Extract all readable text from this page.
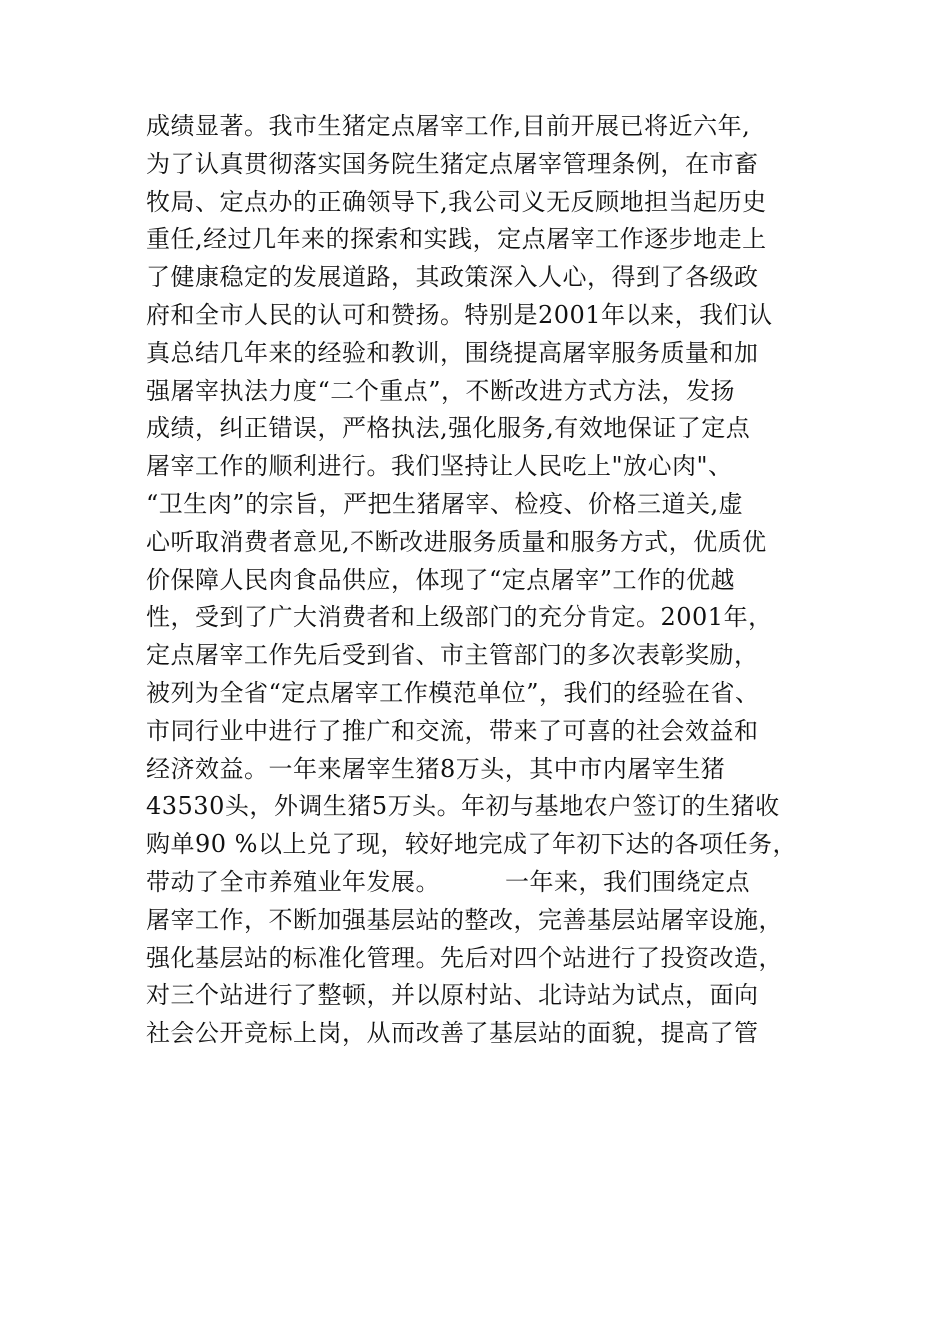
成绩显著。我市生猪定点屠宰工作,目前开展已将近六年,
为了认真贯彻落实国务院生猪定点屠宰管理条例，在市畜
牧局、定点办的正确领导下,我公司义无反顾地担当起历史
重任,经过几年来的探索和实践，定点屠宰工作逐步地走上
了健康稳定的发展道路，其政策深入人心，得到了各级政
府和全市人民的认可和赞扬。特别是2001年以来，我们认
真总结几年来的经验和教训，围绕提高屠宰服务质量和加
强屠宰执法力度“二个重点”，不断改进方式方法，发扬
成绩，纠正错误，严格执法,强化服务,有效地保证了定点
屠宰工作的顺利进行。我们坚持让人民吃上"放心肉"、
“卫生肉”的宗旨，严把生猪屠宰、检疫、价格三道关,虚
心听取消费者意见,不断改进服务质量和服务方式，优质优
价保障人民肉食品供应，体现了“定点屠宰”工作的优越
性，受到了广大消费者和上级部门的充分肯定。2001年，
定点屠宰工作先后受到省、市主管部门的多次表彰奖励，
被列为全省“定点屠宰工作模范单位”，我们的经验在省、
市同行业中进行了推广和交流，带来了可喜的社会效益和
经济效益。一年来屠宰生猪8万头，其中市内屠宰生猪
43530头，外调生猪5万头。年初与基地农户签订的生猪收
购单90 %以上兑了现，较好地完成了年初下达的各项任务，
带动了全市养殖业年发展。        一年来，我们围绕定点
屠宰工作，不断加强基层站的整改，完善基层站屠宰设施，
强化基层站的标准化管理。先后对四个站进行了投资改造，
对三个站进行了整顿，并以原村站、北诗站为试点，面向
社会公开竞标上岗，从而改善了基层站的面貌，提高了管
